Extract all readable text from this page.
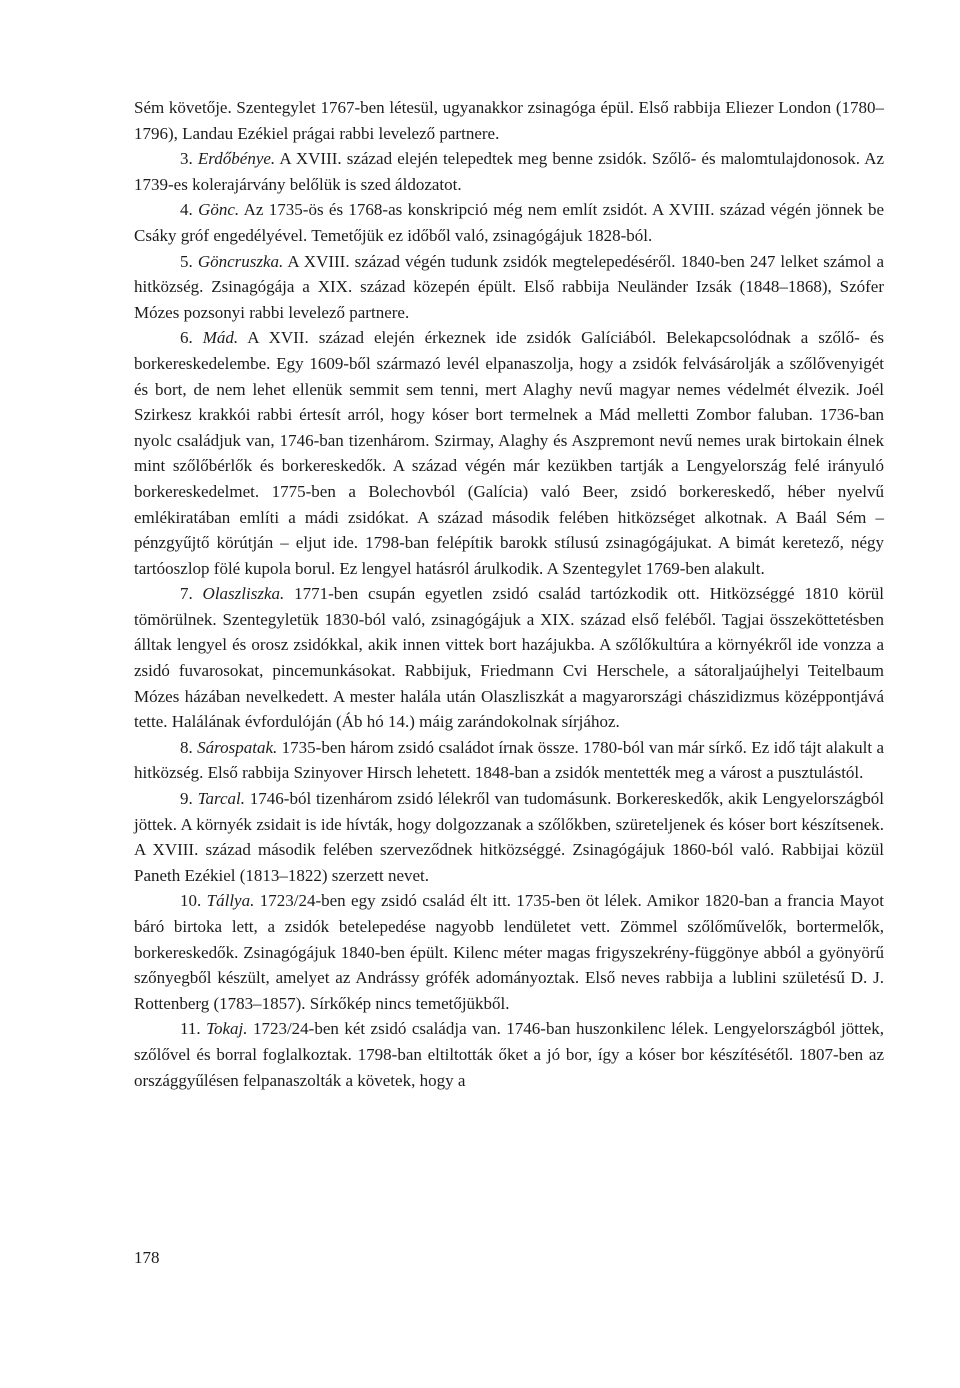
Sém követője. Szentegylet 1767-ben létesül, ugyanakkor zsinagóga épül. Első rabbija Eliezer London (1780–1796), Landau Ezékiel prágai rabbi levelező partnere.

3. Erdőbénye. A XVIII. század elején telepedtek meg benne zsidók. Szőlő- és malomtulajdonosok. Az 1739-es kolerajárvány belőlük is szed áldozatot.

4. Gönc. Az 1735-ös és 1768-as konskripció még nem említ zsidót. A XVIII. század végén jönnek be Csáky gróf engedélyével. Temetőjük ez időből való, zsinagógájuk 1828-ból.

5. Göncruszka. A XVIII. század végén tudunk zsidók megtelepedéséről. 1840-ben 247 lelket számol a hitközség. Zsinagógája a XIX. század közepén épült. Első rabbija Neuländer Izsák (1848–1868), Szófer Mózes pozsonyi rabbi levelező partnere.

6. Mád. A XVII. század elején érkeznek ide zsidók Galíciából. Belekapcsolódnak a szőlő- és borkereskedelembe. Egy 1609-ből származó levél elpanaszolja, hogy a zsidók felvásárolják a szőlővenyigét és bort, de nem lehet ellenük semmit sem tenni, mert Alaghy nevű magyar nemes védelmét élvezik. Joél Szirkesz krakkói rabbi értesít arról, hogy kóser bort termelnek a Mád melletti Zombor faluban. 1736-ban nyolc családjuk van, 1746-ban tizenhárom. Szirmay, Alaghy és Aszpremont nevű nemes urak birtokain élnek mint szőlőbérlők és borkereskedők. A század végén már kezükben tartják a Lengyelország felé irányuló borkereskedelmet. 1775-ben a Bolechovból (Galícia) való Beer, zsidó borkereskedő, héber nyelvű emlékiratában említi a mádi zsidókat. A század második felében hitközséget alkotnak. A Baál Sém – pénzgyűjtő körútján – eljut ide. 1798-ban felépítik barokk stílusú zsinagógájukat. A bimát keretező, négy tartóoszlop fölé kupola borul. Ez lengyel hatásról árulkodik. A Szentegylet 1769-ben alakult.

7. Olaszliszka. 1771-ben csupán egyetlen zsidó család tartózkodik ott. Hitközséggé 1810 körül tömörülnek. Szentegyletük 1830-ból való, zsinagógájuk a XIX. század első feléből. Tagjai összeköttetésben álltak lengyel és orosz zsidókkal, akik innen vittek bort hazájukba. A szőlőkultúra a környékről ide vonzza a zsidó fuvarosokat, pincemunkásokat. Rabbijuk, Friedmann Cvi Herschele, a sátoraljaújhelyi Teitelbaum Mózes házában nevelkedett. A mester halála után Olaszliszkát a magyarországi chászidizmus középpontjává tette. Halálának évfordulóján (Áb hó 14.) máig zarándokolnak sírjához.

8. Sárospatak. 1735-ben három zsidó családot írnak össze. 1780-ból van már sírkő. Ez idő tájt alakult a hitközség. Első rabbija Szinyover Hirsch lehetett. 1848-ban a zsidók mentették meg a várost a pusztulástól.

9. Tarcal. 1746-ból tizenhárom zsidó lélekről van tudomásunk. Borkereskedők, akik Lengyelországból jöttek. A környék zsidait is ide hívták, hogy dolgozzanak a szőlőkben, szüreteljenek és kóser bort készítsenek. A XVIII. század második felében szerveződnek hitközséggé. Zsinagógájuk 1860-ból való. Rabbijai közül Paneth Ezékiel (1813–1822) szerzett nevet.

10. Tállya. 1723/24-ben egy zsidó család élt itt. 1735-ben öt lélek. Amikor 1820-ban a francia Mayot báró birtoka lett, a zsidók betelepedése nagyobb lendületet vett. Zömmel szőlőművelők, bortermelők, borkereskedők. Zsinagógájuk 1840-ben épült. Kilenc méter magas frigyszekrény-függönye abból a gyönyörű szőnyegből készült, amelyet az Andrássy grófék adományoztak. Első neves rabbija a lublini születésű D. J. Rottenberg (1783–1857). Sírkőkép nincs temetőjükből.

11. Tokaj. 1723/24-ben két zsidó családja van. 1746-ban huszonkilenc lélek. Lengyelországból jöttek, szőlővel és borral foglalkoztak. 1798-ban eltiltották őket a jó bor, így a kóser bor készítésétől. 1807-ben az országgyűlésen felpanaszolták a követek, hogy a

178
